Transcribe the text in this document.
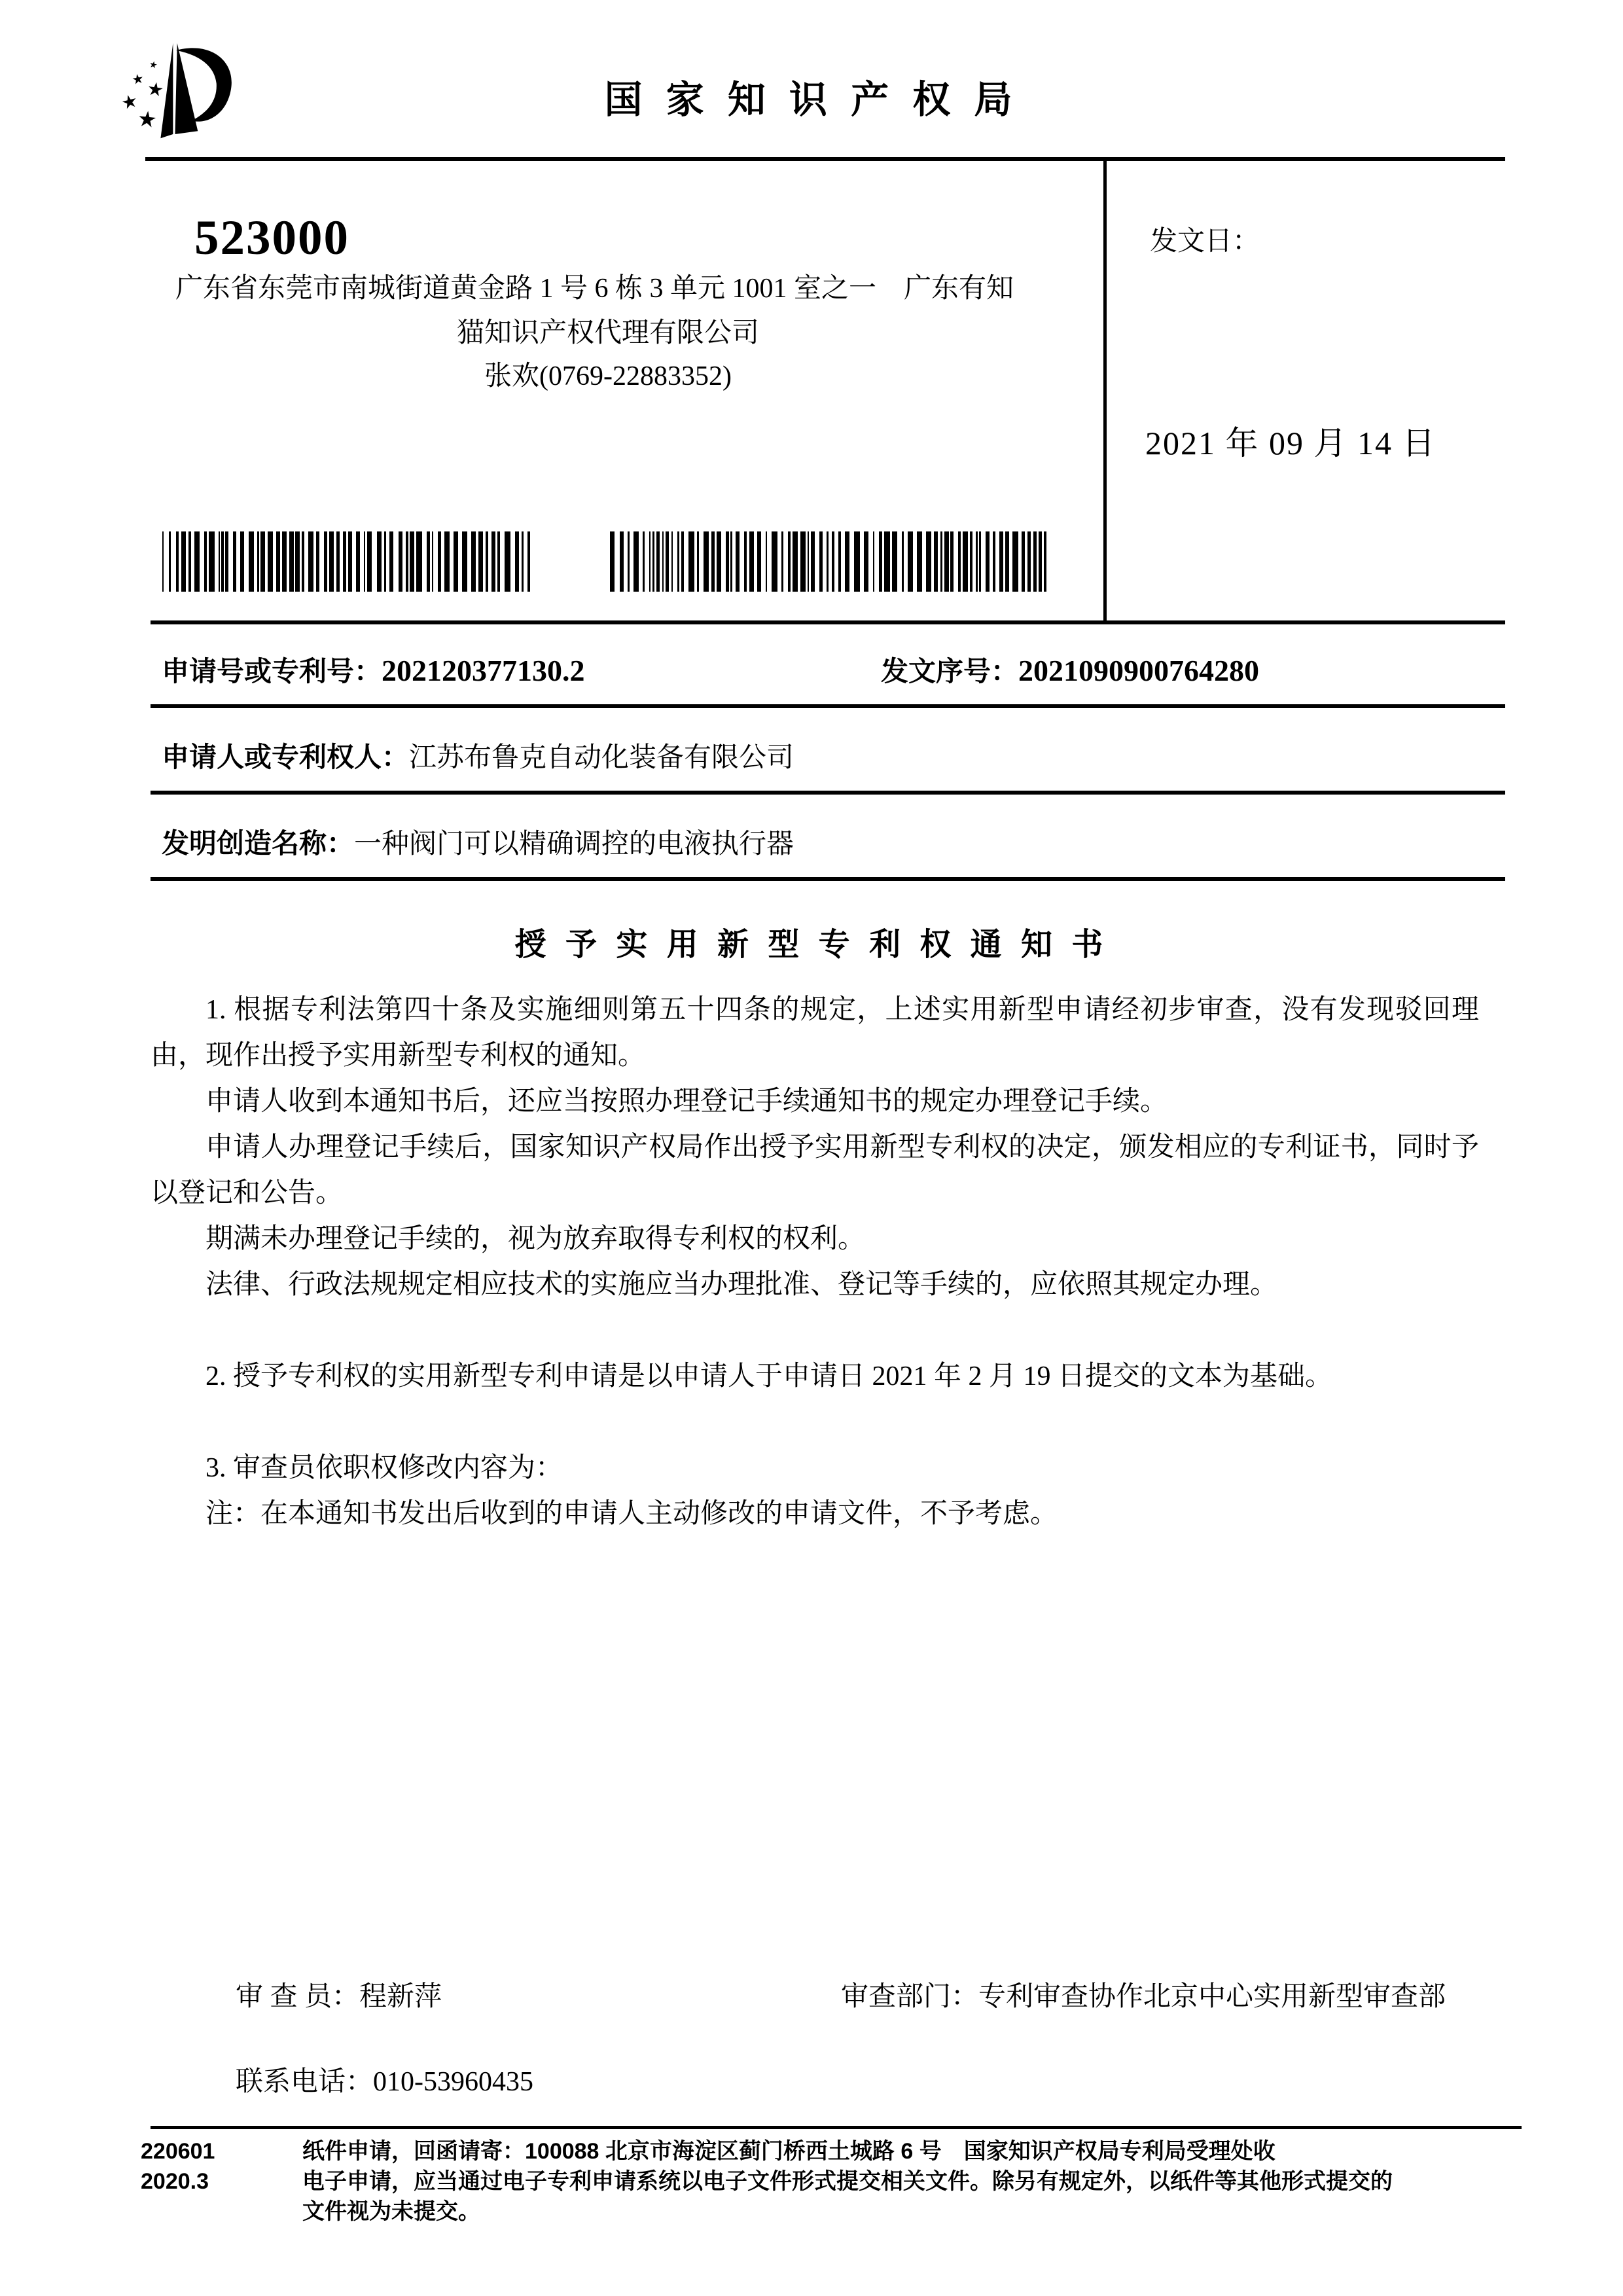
国 家 知 识 产 权 局
523000
广东省东莞市南城街道黄金路 1 号 6 栋 3 单元 1001 室之一　广东有知
猫知识产权代理有限公司
张欢(0769-22883352)
发文日：
2021 年 09 月 14 日
申请号或专利号：202120377130.2	发文序号：2021090900764280
申请人或专利权人：江苏布鲁克自动化装备有限公司
发明创造名称：一种阀门可以精确调控的电液执行器
授 予 实 用 新 型 专 利 权 通 知 书

1. 根据专利法第四十条及实施细则第五十四条的规定，上述实用新型申请经初步审查，没有发现驳回理由，现作出授予实用新型专利权的通知。

申请人收到本通知书后，还应当按照办理登记手续通知书的规定办理登记手续。

申请人办理登记手续后，国家知识产权局作出授予实用新型专利权的决定，颁发相应的专利证书，同时予以登记和公告。

期满未办理登记手续的，视为放弃取得专利权的权利。

法律、行政法规规定相应技术的实施应当办理批准、登记等手续的，应依照其规定办理。

2. 授予专利权的实用新型专利申请是以申请人于申请日 2021 年 2 月 19 日提交的文本为基础。

3. 审查员依职权修改内容为：

注：在本通知书发出后收到的申请人主动修改的申请文件，不予考虑。

审 查 员：程新萍	审查部门：专利审查协作北京中心实用新型审查部
联系电话：010-53960435
220601
2020.3
纸件申请，回函请寄：100088 北京市海淀区蓟门桥西土城路 6 号　国家知识产权局专利局受理处收
电子申请，应当通过电子专利申请系统以电子文件形式提交相关文件。除另有规定外，以纸件等其他形式提交的
文件视为未提交。
